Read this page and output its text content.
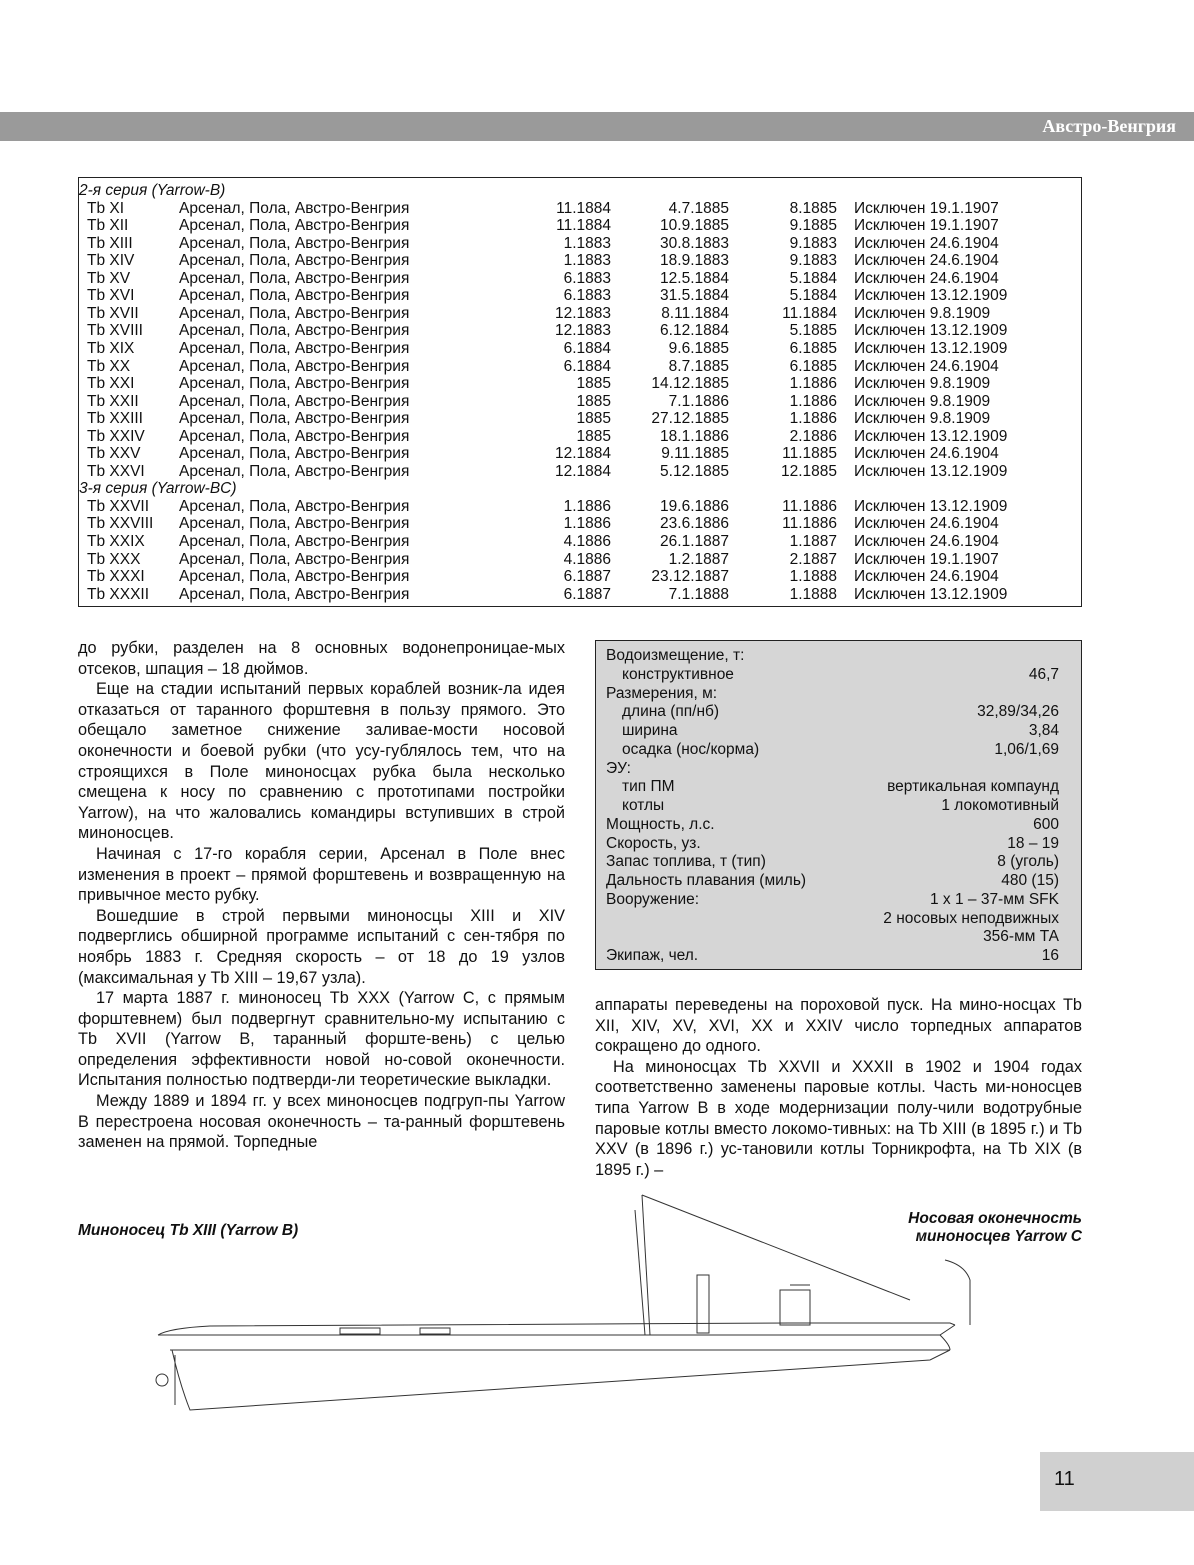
Австро-Венгрия
2-я серия (Yarrow-B)
Tb XI	Арсенал, Пола, Австро-Венгрия	11.1884	4.7.1885	8.1885 Исключен 19.1.1907
Tb XII	Арсенал, Пола, Австро-Венгрия	11.1884	10.9.1885	9.1885 Исключен 19.1.1907
Tb XIII	Арсенал, Пола, Австро-Венгрия	1.1883	30.8.1883	9.1883 Исключен 24.6.1904
Tb XIV	Арсенал, Пола, Австро-Венгрия	1.1883	18.9.1883	9.1883 Исключен 24.6.1904
Tb XV	Арсенал, Пола, Австро-Венгрия	6.1883	12.5.1884	5.1884 Исключен 24.6.1904
Tb XVI	Арсенал, Пола, Австро-Венгрия	6.1883	31.5.1884	5.1884 Исключен 13.12.1909
Tb XVII	Арсенал, Пола, Австро-Венгрия	12.1883	8.11.1884	11.1884 Исключен 9.8.1909
Tb XVIII Арсенал, Пола, Австро-Венгрия	12.1883	6.12.1884	5.1885 Исключен 13.12.1909
Tb XIX	Арсенал, Пола, Австро-Венгрия	6.1884	9.6.1885	6.1885 Исключен 13.12.1909
Tb XX	Арсенал, Пола, Австро-Венгрия	6.1884	8.7.1885	6.1885 Исключен 24.6.1904
Tb XXI	Арсенал, Пола, Австро-Венгрия	1885	14.12.1885	1.1886 Исключен 9.8.1909
Tb XXII	Арсенал, Пола, Австро-Венгрия	1885	7.1.1886	1.1886 Исключен 9.8.1909
Tb XXIII Арсенал, Пола, Австро-Венгрия	1885	27.12.1885	1.1886 Исключен 9.8.1909
Tb XXIV Арсенал, Пола, Австро-Венгрия	1885	18.1.1886	2.1886 Исключен 13.12.1909
Tb XXV Арсенал, Пола, Австро-Венгрия	12.1884	9.11.1885	11.1885 Исключен 24.6.1904
Tb XXVI Арсенал, Пола, Австро-Венгрия	12.1884	5.12.1885	12.1885 Исключен 13.12.1909
3-я серия (Yarrow-BC)
Tb XXVII Арсенал, Пола, Австро-Венгрия	1.1886	19.6.1886	11.1886 Исключен 13.12.1909
Tb XXVIII Арсенал, Пола, Австро-Венгрия	1.1886	23.6.1886	11.1886 Исключен 24.6.1904
Tb XXIX Арсенал, Пола, Австро-Венгрия	4.1886	26.1.1887	1.1887 Исключен 24.6.1904
Tb XXX Арсенал, Пола, Австро-Венгрия	4.1886	1.2.1887	2.1887 Исключен 19.1.1907
Tb XXXI Арсенал, Пола, Австро-Венгрия	6.1887	23.12.1887	1.1888 Исключен 24.6.1904
Tb XXXII Арсенал, Пола, Австро-Венгрия	6.1887	7.1.1888	1.1888 Исключен 13.12.1909

до рубки, разделен на 8 основных водонепроницае-мых отсеков, шпация – 18 дюймов.

Еще на стадии испытаний первых кораблей возник-ла идея отказаться от таранного форштевня в пользу прямого. Это обещало заметное снижение заливае-мости носовой оконечности и боевой рубки (что усу-гублялось тем, что на строящихся в Поле миноносцах рубка была несколько смещена к носу по сравнению с прототипами постройки Yarrow), на что жаловались командиры вступивших в строй миноносцев.

Начиная с 17-го корабля серии, Арсенал в Поле внес изменения в проект – прямой форштевень и возвращенную на привычное место рубку.

Вошедшие в строй первыми миноносцы XIII и XIV подверглись обширной программе испытаний с сен-тября по ноябрь 1883 г. Средняя скорость – от 18 до 19 узлов (максимальная у Tb XIII – 19,67 узла).

17 марта 1887 г. миноносец Tb XXX (Yarrow C, с прямым форштевнем) был подвергнут сравнительно-му испытанию с Tb XVII (Yarrow B, таранный форште-вень) с целью определения эффективности новой но-совой оконечности. Испытания полностью подтверди-ли теоретические выкладки.

Между 1889 и 1894 гг. у всех миноносцев подгруп-пы Yarrow B перестроена носовая оконечность – та-ранный форштевень заменен на прямой. Торпедные

Водоизмещение, т:
конструктивное	46,7
Размерения, м:
длина (пп/нб)	32,89/34,26
ширина	3,84
осадка (нос/корма)	1,06/1,69
ЭУ:
тип ПМ	вертикальная компаунд
котлы	1 локомотивный
Мощность, л.с.	600
Скорость, уз.	18 – 19
Запас топлива, т (тип)	8 (уголь)
Дальность плавания (миль)	480 (15)
Вооружение:	1 x 1 – 37-мм SFK
2 носовых неподвижных
356-мм ТА
Экипаж, чел.	16

аппараты переведены на пороховой пуск. На мино-носцах Tb XII, XIV, XV, XVI, XX и XXIV число торпедных аппаратов сокращено до одного.

На миноносцах Tb XXVII и XXXII в 1902 и 1904 годах соответственно заменены паровые котлы. Часть ми-ноносцев типа Yarrow B в ходе модернизации полу-чили водотрубные паровые котлы вместо локомо-тивных: на Tb XIII (в 1895 г.) и Tb XXV (в 1896 г.) ус-тановили котлы Торникрофта, на Tb XIX (в 1895 г.) –

Миноносец Tb XIII (Yarrow B)
Носовая оконечность
миноносцев Yarrow C
11
